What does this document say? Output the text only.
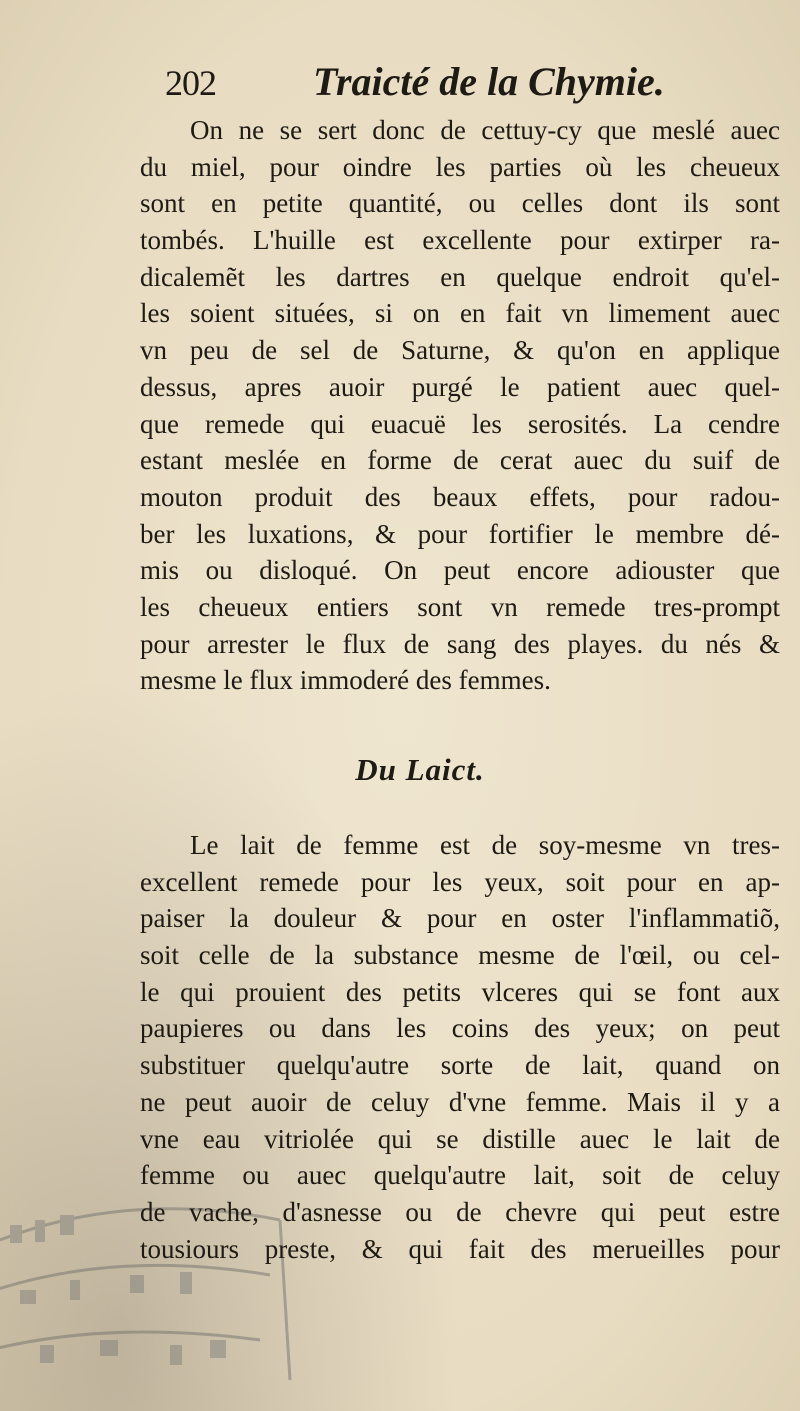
202 Traicté de la Chymie.
On ne se sert donc de cettuy-cy que meslé auec
du miel, pour oindre les parties où les cheueux
sont en petite quantité, ou celles dont ils sont
tombés. L'huille est excellente pour extirper ra-
dicalemẽt les dartres en quelque endroit qu'el-
les soient situées, si on en fait vn limement auec
vn peu de sel de Saturne, & qu'on en applique
dessus, apres auoir purgé le patient auec quel-
que remede qui euacuë les serosités. La cendre
estant meslée en forme de cerat auec du suif de
mouton produit des beaux effets, pour radou-
ber les luxations, & pour fortifier le membre dé-
mis ou disloqué. On peut encore adiouster que
les cheueux entiers sont vn remede tres-prompt
pour arrester le flux de sang des playes. du nés &
mesme le flux immoderé des femmes.
Du Laict.
Le lait de femme est de soy-mesme vn tres-
excellent remede pour les yeux, soit pour en ap-
paiser la douleur & pour en oster l'inflammatiõ,
soit celle de la substance mesme de l'œil, ou cel-
le qui prouient des petits vlceres qui se font aux
paupieres ou dans les coins des yeux; on peut
substituer quelqu'autre sorte de lait, quand on
ne peut auoir de celuy d'vne femme. Mais il y a
vne eau vitriolée qui se distille auec le lait de
femme ou auec quelqu'autre lait, soit de celuy
de vache, d'asnesse ou de chevre qui peut estre
tousiours preste, & qui fait des merueilles pour
